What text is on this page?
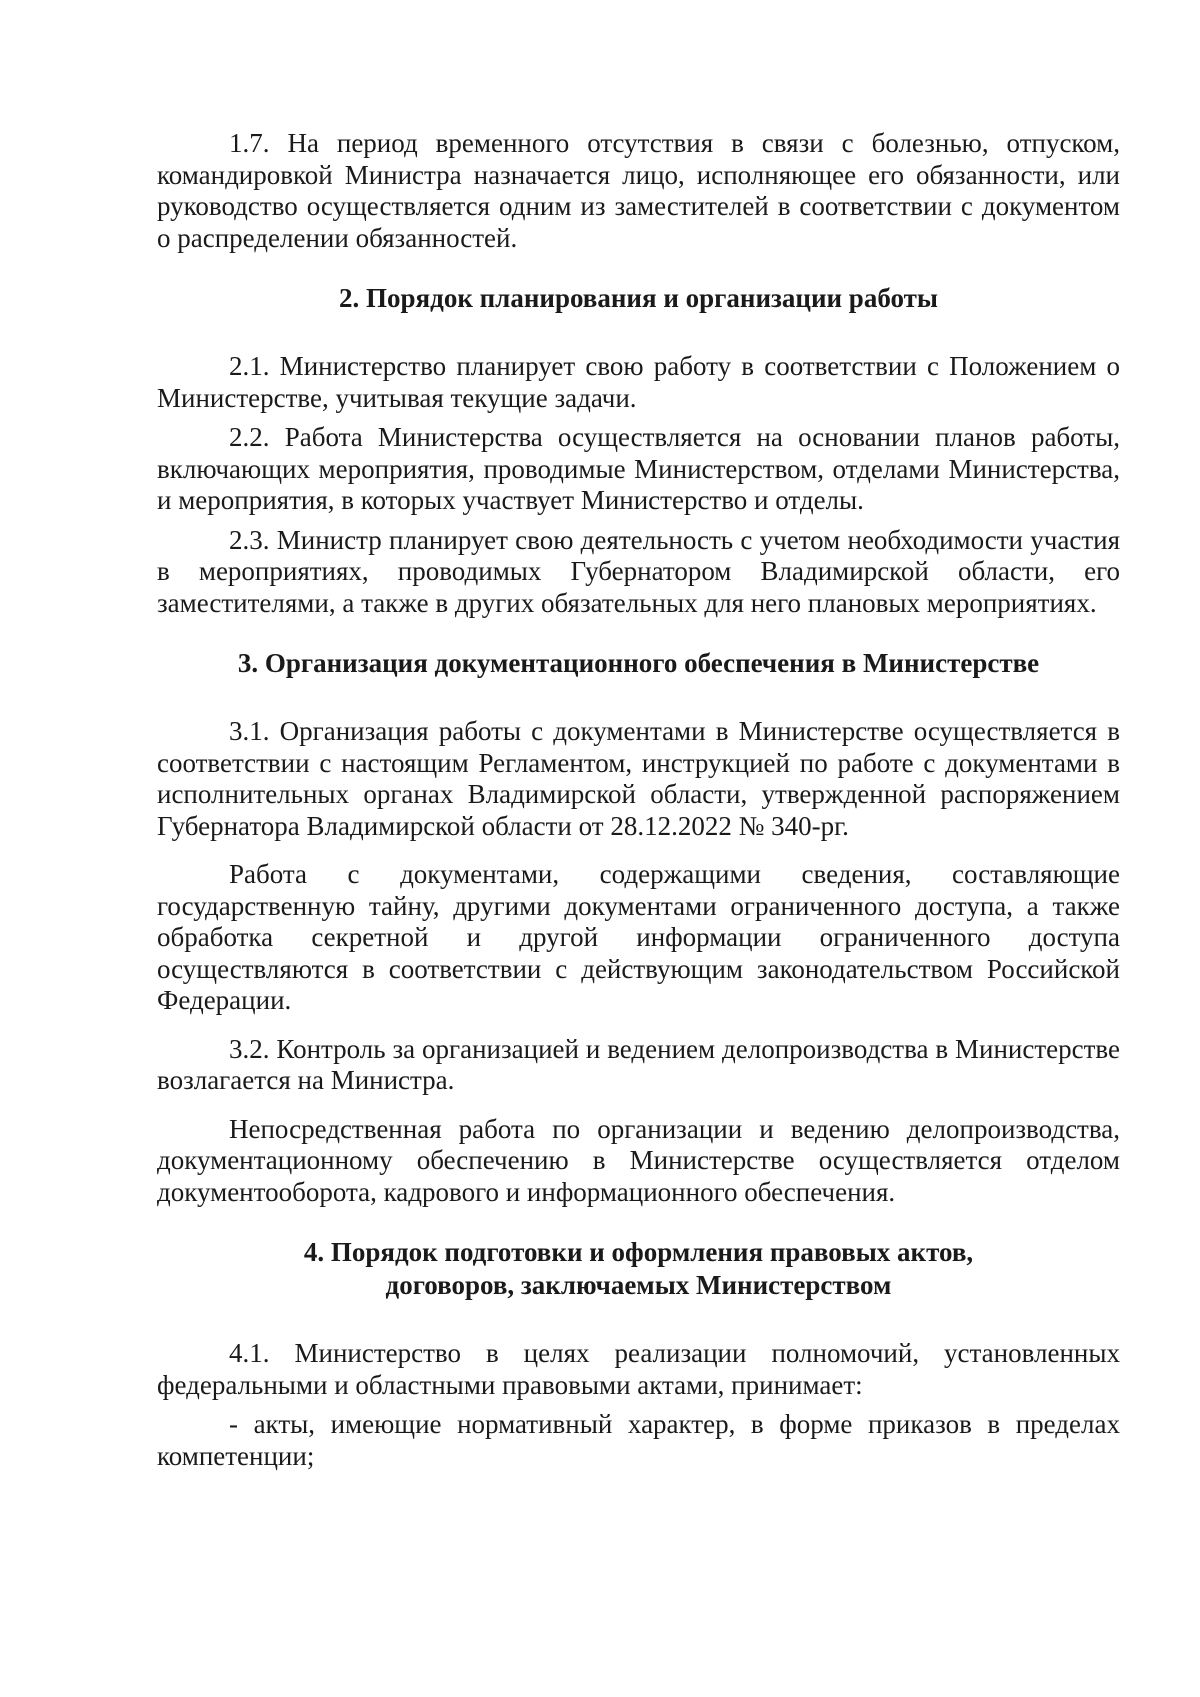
1.7. На период временного отсутствия в связи с болезнью, отпуском, командировкой Министра назначается лицо, исполняющее его обязанности, или руководство осуществляется одним из заместителей в соответствии с документом о распределении обязанностей.

2. Порядок планирования и организации работы

2.1. Министерство планирует свою работу в соответствии с Положением о Министерстве, учитывая текущие задачи.

2.2. Работа Министерства осуществляется на основании планов работы, включающих мероприятия, проводимые Министерством, отделами Министерства, и мероприятия, в которых участвует Министерство и отделы.

2.3. Министр планирует свою деятельность с учетом необходимости участия в мероприятиях, проводимых Губернатором Владимирской области, его заместителями, а также в других обязательных для него плановых мероприятиях.

3. Организация документационного обеспечения в Министерстве

3.1. Организация работы с документами в Министерстве осуществляется в соответствии с настоящим Регламентом, инструкцией по работе с документами в исполнительных органах Владимирской области, утвержденной распоряжением Губернатора Владимирской области от 28.12.2022 № 340-рг.

Работа с документами, содержащими сведения, составляющие государственную тайну, другими документами ограниченного доступа, а также обработка секретной и другой информации ограниченного доступа осуществляются в соответствии с действующим законодательством Российской Федерации.

3.2. Контроль за организацией и ведением делопроизводства в Министерстве возлагается на Министра.

Непосредственная работа по организации и ведению делопроизводства, документационному обеспечению в Министерстве осуществляется отделом документооборота, кадрового и информационного обеспечения.

4. Порядок подготовки и оформления правовых актов,
договоров, заключаемых Министерством

4.1. Министерство в целях реализации полномочий, установленных федеральными и областными правовыми актами, принимает:

- акты, имеющие нормативный характер, в форме приказов в пределах компетенции;
